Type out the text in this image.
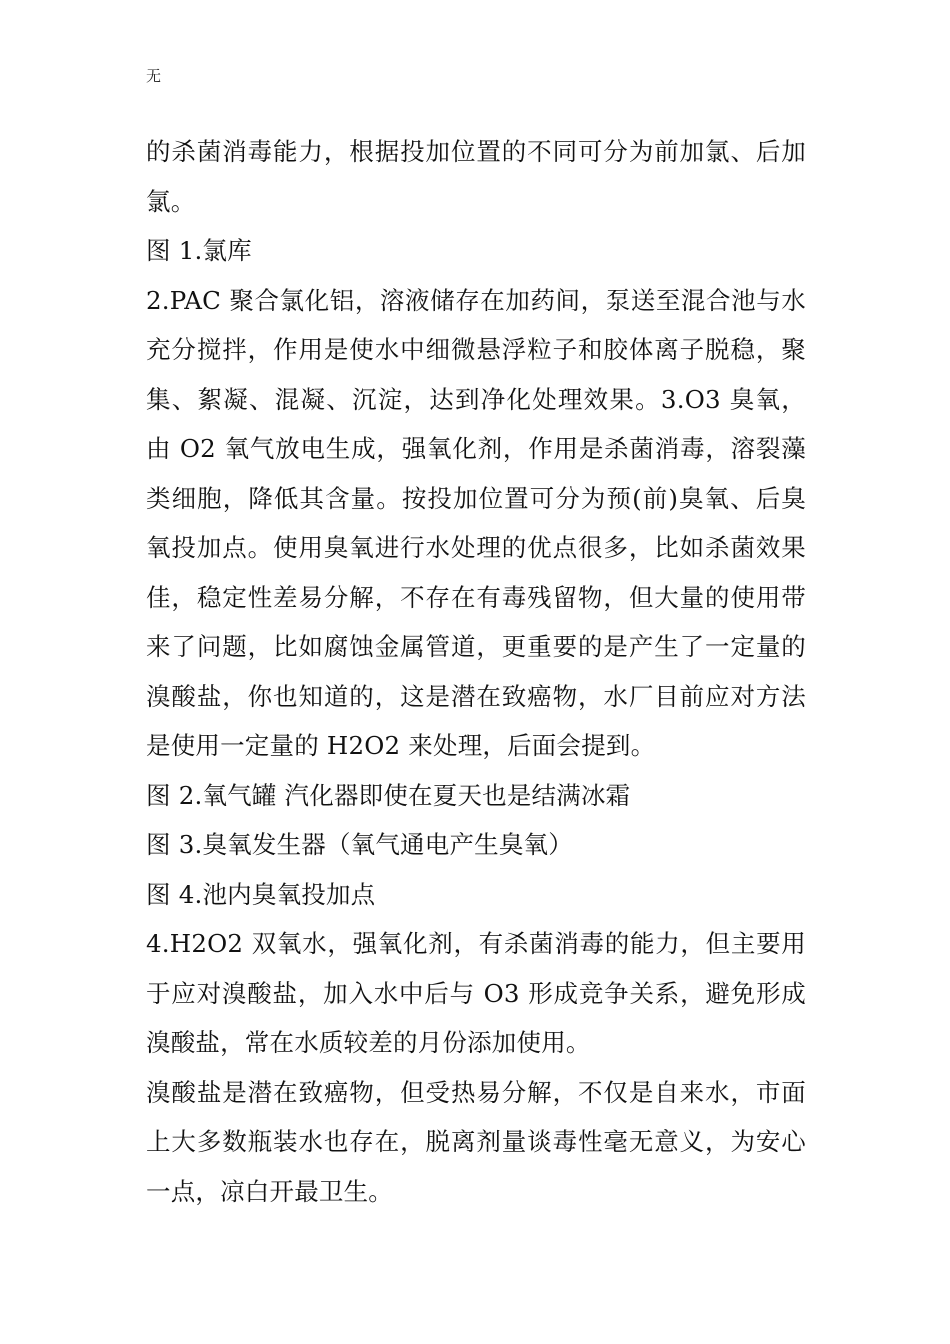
无

的杀菌消毒能力，根据投加位置的不同可分为前加氯、后加氯。

图 1.氯库

2.PAC 聚合氯化铝，溶液储存在加药间，泵送至混合池与水充分搅拌，作用是使水中细微悬浮粒子和胶体离子脱稳，聚集、絮凝、混凝、沉淀，达到净化处理效果。3.O3 臭氧，由 O2 氧气放电生成，强氧化剂，作用是杀菌消毒，溶裂藻类细胞，降低其含量。按投加位置可分为预(前)臭氧、后臭氧投加点。使用臭氧进行水处理的优点很多，比如杀菌效果佳，稳定性差易分解，不存在有毒残留物，但大量的使用带来了问题，比如腐蚀金属管道，更重要的是产生了一定量的溴酸盐，你也知道的，这是潜在致癌物，水厂目前应对方法是使用一定量的 H2O2 来处理，后面会提到。

图 2.氧气罐 汽化器即使在夏天也是结满冰霜

图 3.臭氧发生器（氧气通电产生臭氧）

图 4.池内臭氧投加点

4.H2O2 双氧水，强氧化剂，有杀菌消毒的能力，但主要用于应对溴酸盐，加入水中后与 O3 形成竞争关系，避免形成溴酸盐，常在水质较差的月份添加使用。

溴酸盐是潜在致癌物，但受热易分解，不仅是自来水，市面上大多数瓶装水也存在，脱离剂量谈毒性毫无意义，为安心一点，凉白开最卫生。
